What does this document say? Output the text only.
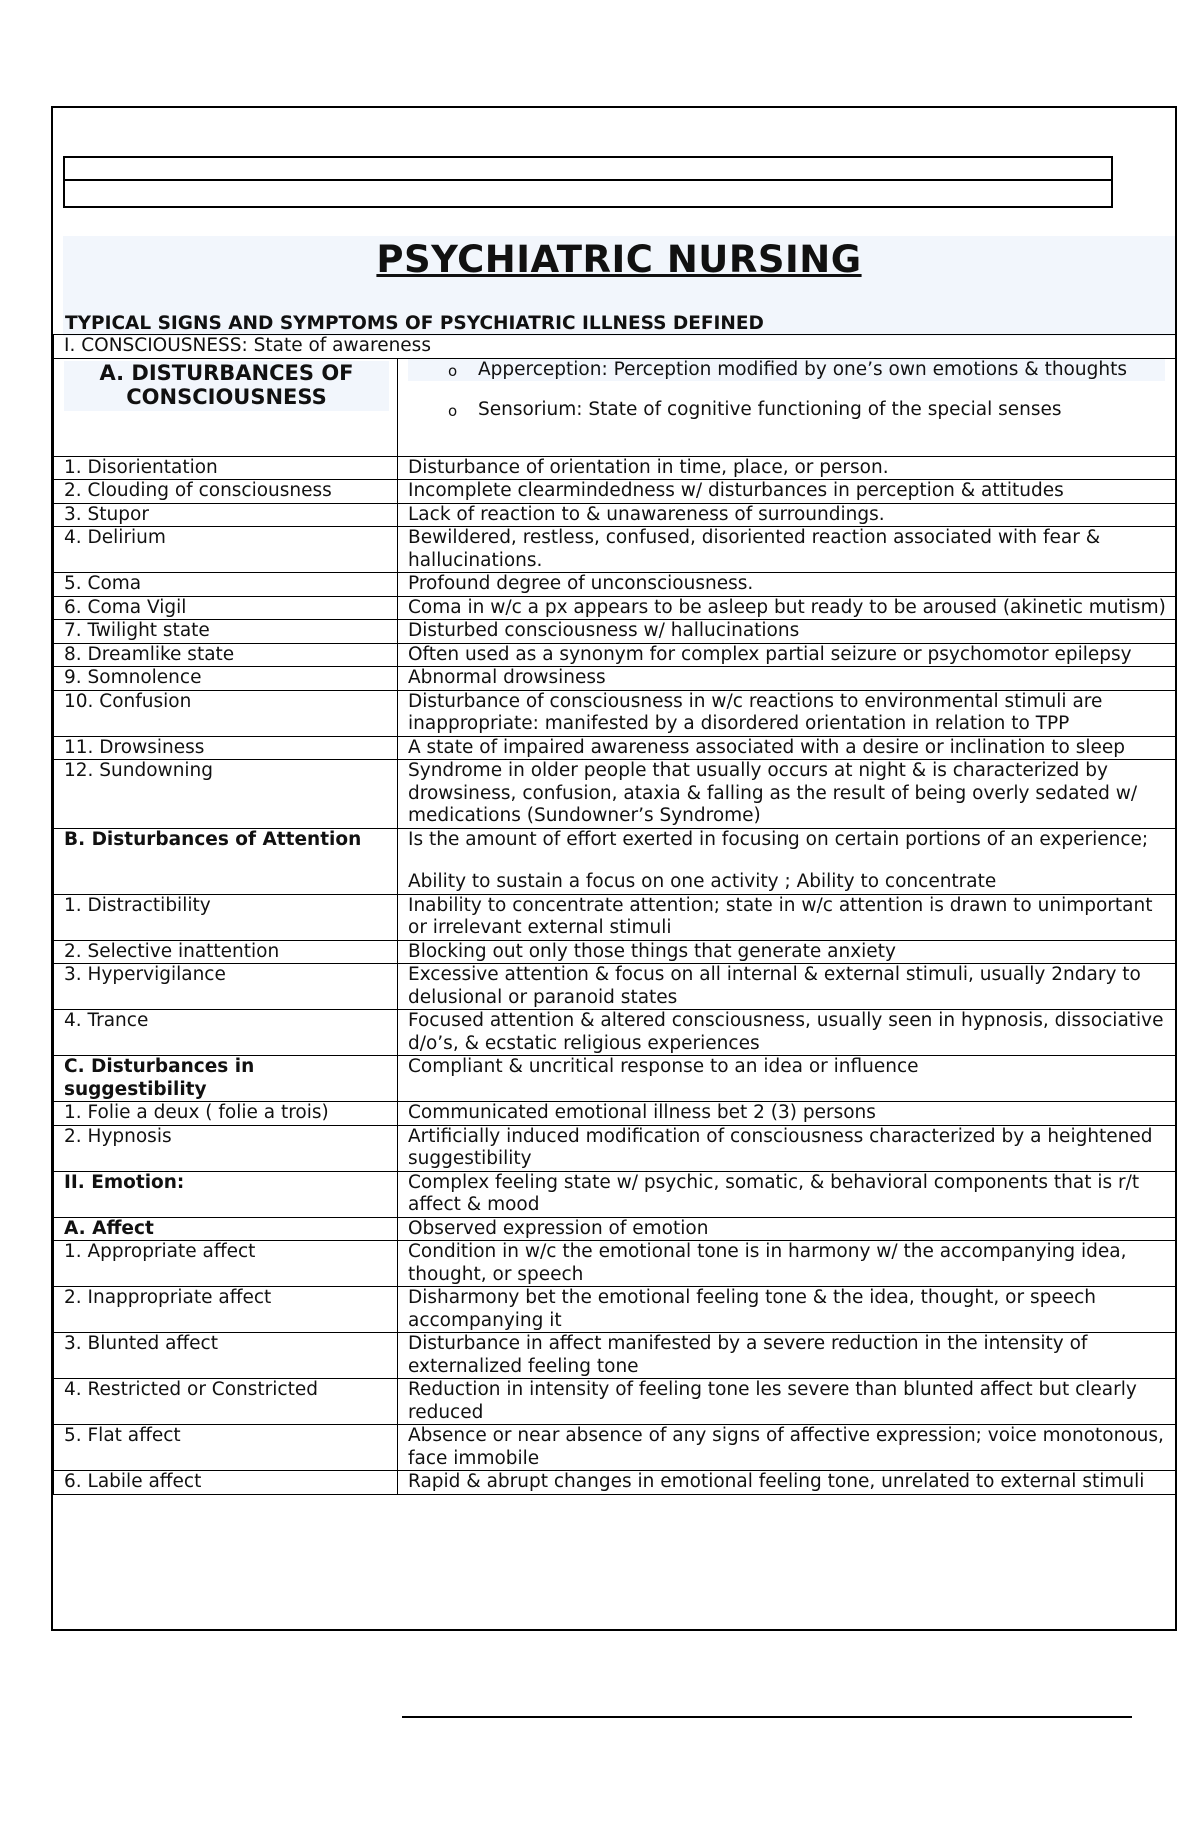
PSYCHIATRIC NURSING
TYPICAL SIGNS AND SYMPTOMS OF PSYCHIATRIC ILLNESS DEFINED
I. CONSCIOUSNESS: State of awareness	

A. DISTURBANCES OF CONSCIOUSNESS	o Apperception: Perception modified by one’s own emotions & thoughts
o Sensorium: State of cognitive functioning of the special senses

1. Disorientation	Disturbance of orientation in time, place, or person.

2. Clouding of consciousness	Incomplete clearmindedness w/ disturbances in perception & attitudes

3. Stupor	Lack of reaction to & unawareness of surroundings.

4. Delirium	Bewildered, restless, confused, disoriented reaction associated with fear & hallucinations.

5. Coma	Profound degree of unconsciousness.

6. Coma Vigil	Coma in w/c a px appears to be asleep but ready to be aroused (akinetic mutism)

7. Twilight state	Disturbed consciousness w/ hallucinations

8. Dreamlike state	Often used as a synonym for complex partial seizure or psychomotor epilepsy

9. Somnolence	Abnormal drowsiness

10. Confusion	Disturbance of consciousness in w/c reactions to environmental stimuli are inappropriate: manifested by a disordered orientation in relation to TPP

11. Drowsiness	A state of impaired awareness associated with a desire or inclination to sleep

12. Sundowning	Syndrome in older people that usually occurs at night & is characterized by drowsiness, confusion, ataxia & falling as the result of being overly sedated w/ medications (Sundowner’s Syndrome)

B. Disturbances of Attention	Is the amount of effort exerted in focusing on certain portions of an experience;
Ability to sustain a focus on one activity ; Ability to concentrate

1. Distractibility	Inability to concentrate attention; state in w/c attention is drawn to unimportant or irrelevant external stimuli

2. Selective inattention	Blocking out only those things that generate anxiety

3. Hypervigilance	Excessive attention & focus on all internal & external stimuli, usually 2ndary to delusional or paranoid states

4. Trance	Focused attention & altered consciousness, usually seen in hypnosis, dissociative d/o’s, & ecstatic religious experiences

C. Disturbances in suggestibility	Compliant & uncritical response to an idea or influence

1. Folie a deux ( folie a trois)	Communicated emotional illness bet 2 (3) persons

2. Hypnosis	Artificially induced modification of consciousness characterized by a heightened suggestibility

II. Emotion:	Complex feeling state w/ psychic, somatic, & behavioral components that is r/t affect & mood

A. Affect	Observed expression of emotion

1. Appropriate affect	Condition in w/c the emotional tone is in harmony w/ the accompanying idea, thought, or speech

2. Inappropriate affect	Disharmony bet the emotional feeling tone & the idea, thought, or speech accompanying it

3. Blunted affect	Disturbance in affect manifested by a severe reduction in the intensity of externalized feeling tone

4. Restricted or Constricted	Reduction in intensity of feeling tone les severe than blunted affect but clearly reduced

5. Flat affect	Absence or near absence of any signs of affective expression; voice monotonous, face immobile

6. Labile affect	Rapid & abrupt changes in emotional feeling tone, unrelated to external stimuli
